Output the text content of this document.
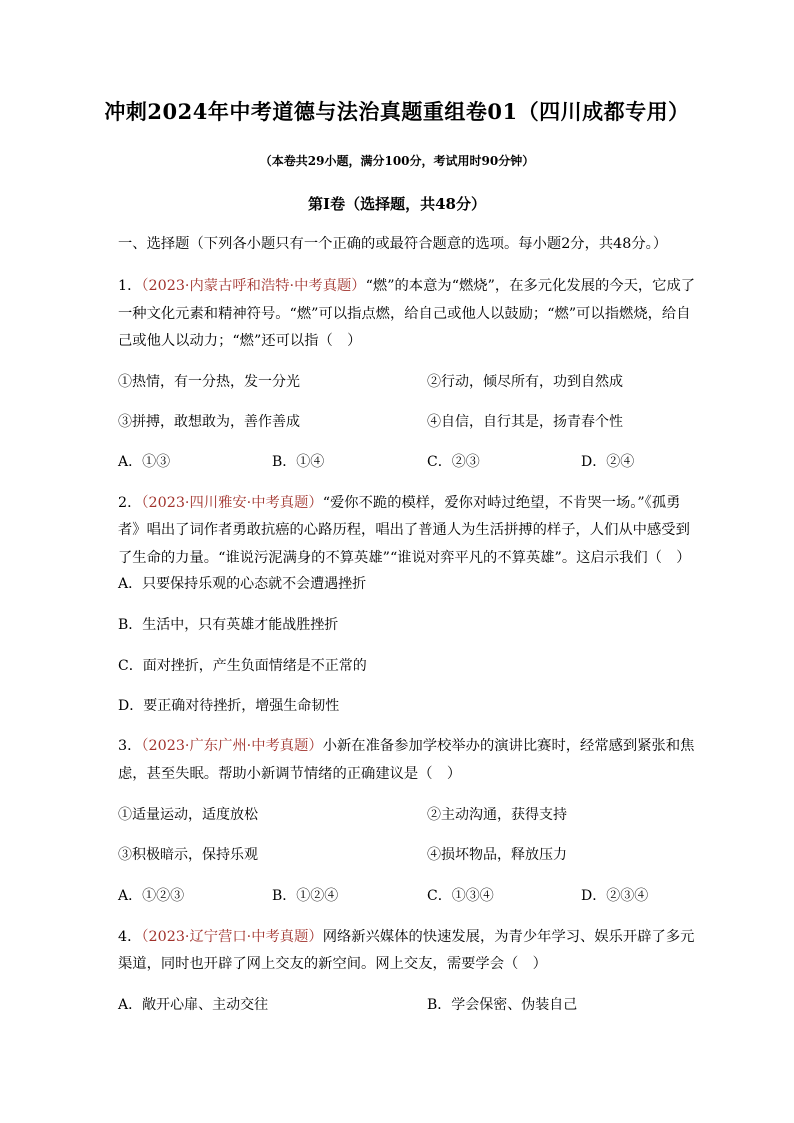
冲刺2024年中考道德与法治真题重组卷01（四川成都专用）
（本卷共29小题，满分100分，考试用时90分钟）
第I卷（选择题，共48分）
一、选择题（下列各小题只有一个正确的或最符合题意的选项。每小题2分，共48分。）
1．（2023·内蒙古呼和浩特·中考真题）“燃”的本意为“燃烧”，在多元化发展的今天，它成了
一种文化元素和精神符号。“燃”可以指点燃，给自己或他人以鼓励；“燃”可以指燃烧，给自
己或他人以动力；“燃”还可以指（　）
①热情，有一分热，发一分光	②行动，倾尽所有，功到自然成
③拼搏，敢想敢为，善作善成	④自信，自行其是，扬青春个性
A．①③	B．①④	C．②③	D．②④
2．（2023·四川雅安·中考真题）“爱你不跪的模样，爱你对峙过绝望，不肯哭一场。”《孤勇
者》唱出了词作者勇敢抗癌的心路历程，唱出了普通人为生活拼搏的样子，人们从中感受到
了生命的力量。“谁说污泥满身的不算英雄”“谁说对弈平凡的不算英雄”。这启示我们（　）
A．只要保持乐观的心态就不会遭遇挫折
B．生活中，只有英雄才能战胜挫折
C．面对挫折，产生负面情绪是不正常的
D．要正确对待挫折，增强生命韧性
3．（2023·广东广州·中考真题）小新在准备参加学校举办的演讲比赛时，经常感到紧张和焦
虑，甚至失眠。帮助小新调节情绪的正确建议是（　）
①适量运动，适度放松	②主动沟通，获得支持
③积极暗示，保持乐观	④损坏物品，释放压力
A．①②③	B．①②④	C．①③④	D．②③④
4．（2023·辽宁营口·中考真题）网络新兴媒体的快速发展，为青少年学习、娱乐开辟了多元
渠道，同时也开辟了网上交友的新空间。网上交友，需要学会（　）
A．敞开心扉、主动交往	B．学会保密、伪装自己
